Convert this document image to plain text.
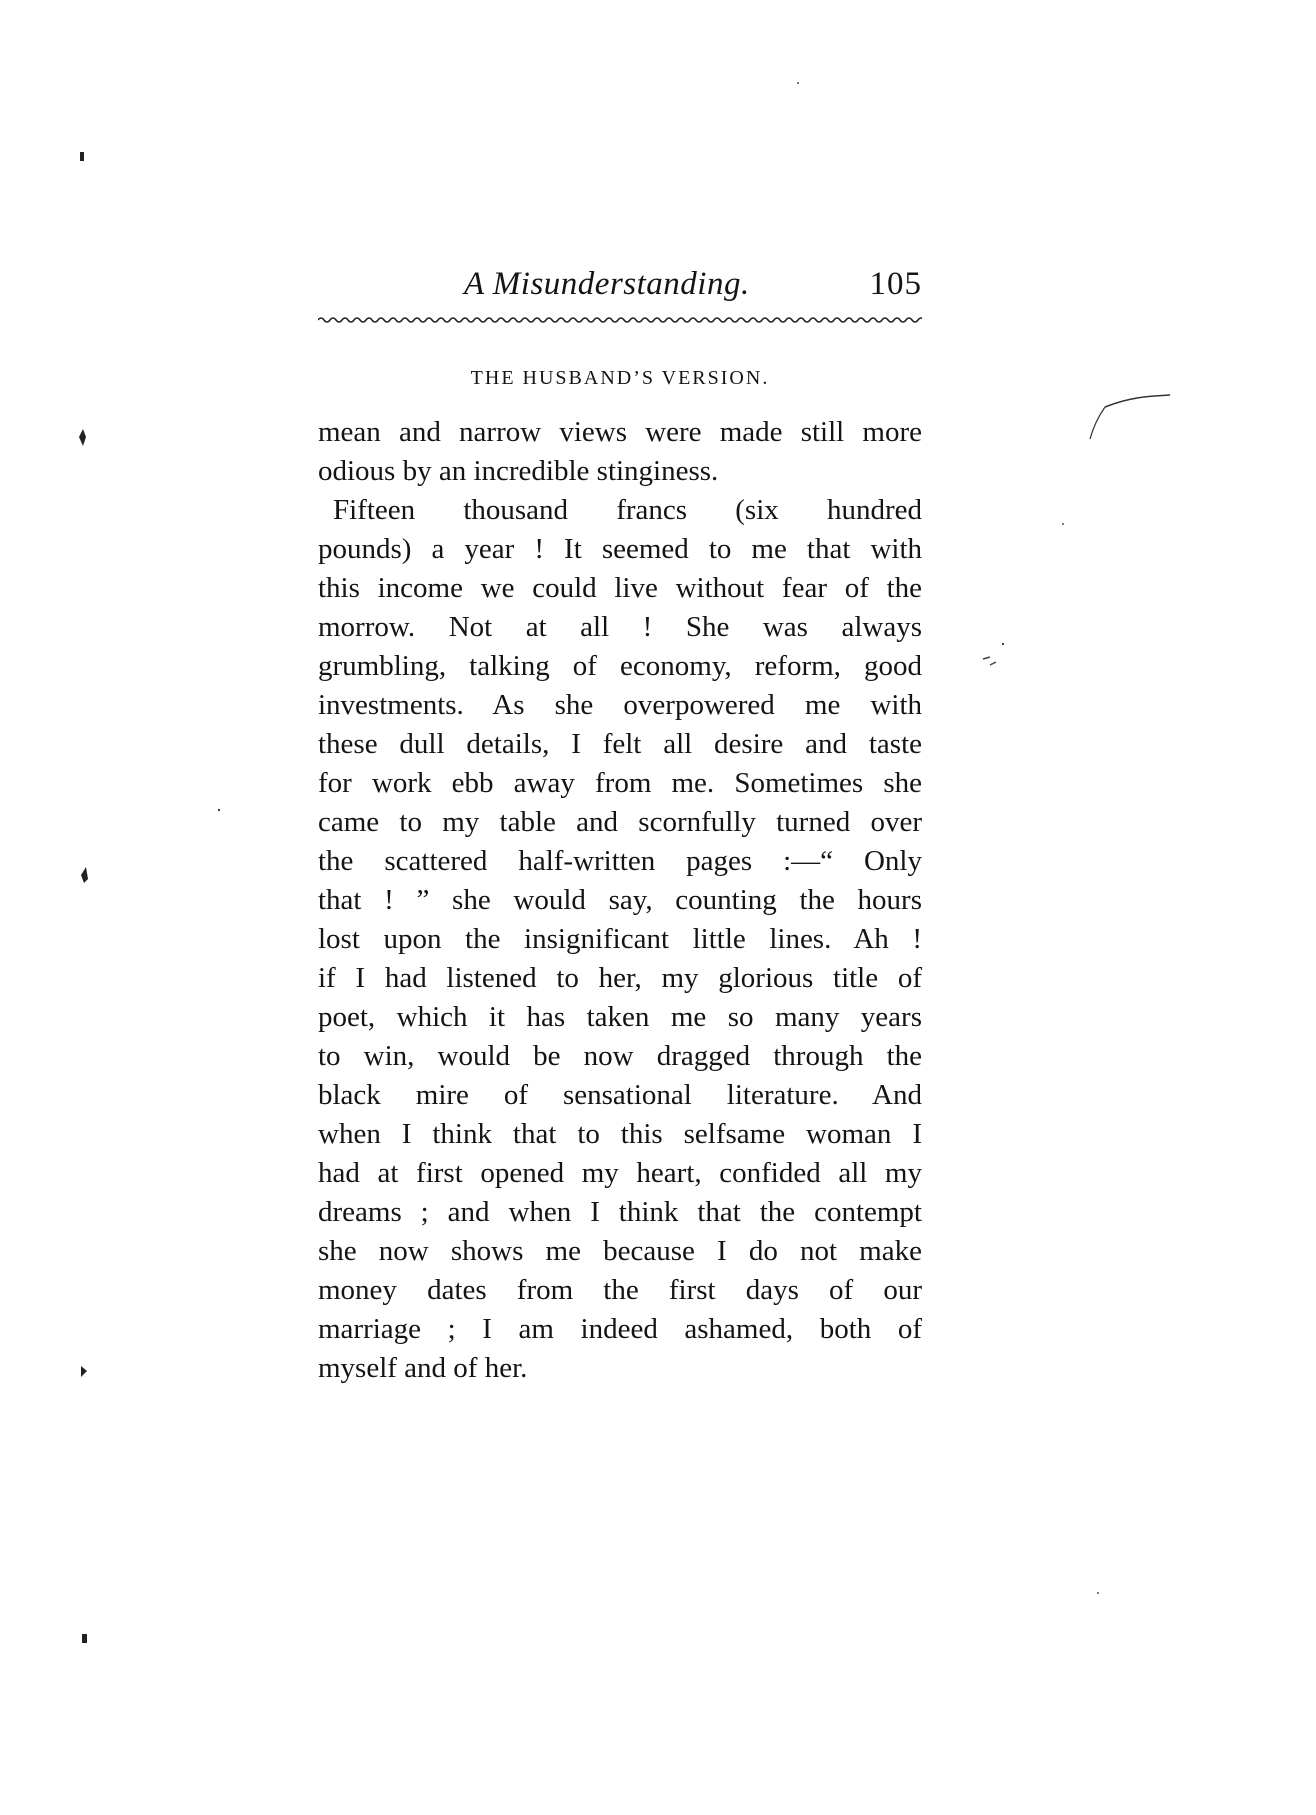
A Misunderstanding.	105
THE HUSBAND’S VERSION.
mean and narrow views were made still more
odious by an incredible stinginess.
Fifteen thousand francs (six hundred
pounds) a year ! It seemed to me that with
this income we could live without fear of the
morrow. Not at all ! She was always
grumbling, talking of economy, reform, good
investments. As she overpowered me with
these dull details, I felt all desire and taste
for work ebb away from me. Sometimes she
came to my table and scornfully turned over
the scattered half-written pages :—“ Only
that ! ” she would say, counting the hours
lost upon the insignificant little lines. Ah !
if I had listened to her, my glorious title of
poet, which it has taken me so many years
to win, would be now dragged through the
black mire of sensational literature. And
when I think that to this selfsame woman I
had at first opened my heart, confided all my
dreams ; and when I think that the contempt
she now shows me because I do not make
money dates from the first days of our
marriage ; I am indeed ashamed, both of
myself and of her.
